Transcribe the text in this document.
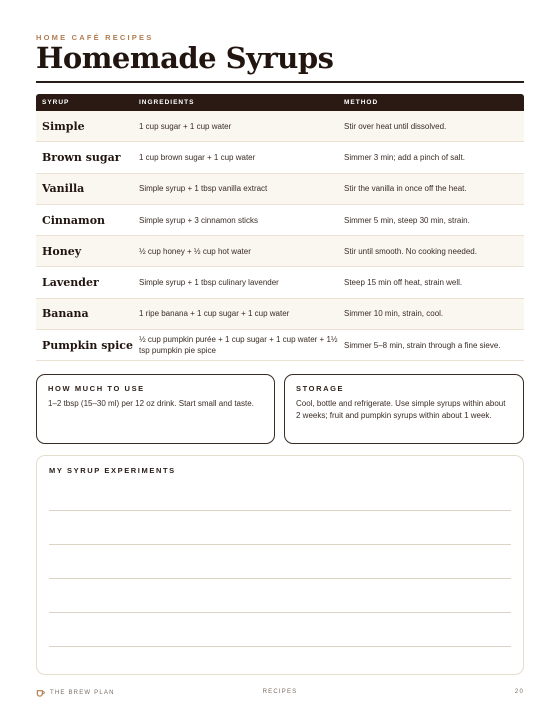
HOME CAFÉ RECIPES
Homemade Syrups
SYRUP	INGREDIENTS	METHOD
Simple	1 cup sugar + 1 cup water	Stir over heat until dissolved.
Brown sugar	1 cup brown sugar + 1 cup water	Simmer 3 min; add a pinch of salt.
Vanilla	Simple syrup + 1 tbsp vanilla extract	Stir the vanilla in once off the heat.
Cinnamon	Simple syrup + 3 cinnamon sticks	Simmer 5 min, steep 30 min, strain.
Honey	½ cup honey + ½ cup hot water	Stir until smooth. No cooking needed.
Lavender	Simple syrup + 1 tbsp culinary lavender	Steep 15 min off heat, strain well.
Banana	1 ripe banana + 1 cup sugar + 1 cup water	Simmer 10 min, strain, cool.
Pumpkin spice	½ cup pumpkin purée + 1 cup sugar + 1 cup water + 1½ tsp pumpkin pie spice	Simmer 5–8 min, strain through a fine sieve.
HOW MUCH TO USE
1–2 tbsp (15–30 ml) per 12 oz drink. Start small and taste.
STORAGE
Cool, bottle and refrigerate. Use simple syrups within about 2 weeks; fruit and pumpkin syrups within about 1 week.
MY SYRUP EXPERIMENTS
THE BREW PLAN	RECIPES	20
